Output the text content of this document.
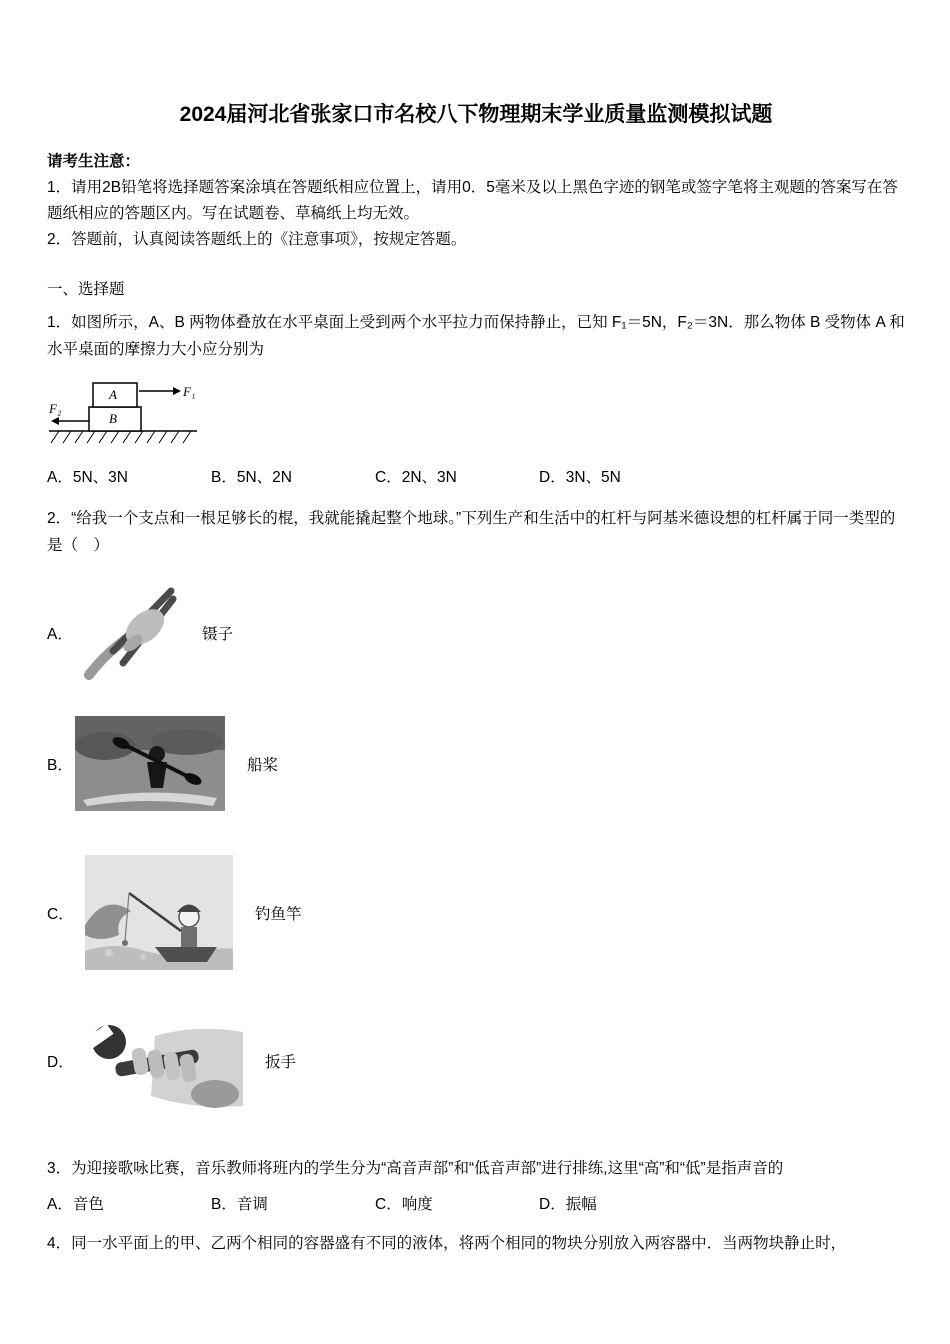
2024届河北省张家口市名校八下物理期末学业质量监测模拟试题
请考生注意：
1．请用2B铅笔将选择题答案涂填在答题纸相应位置上，请用0．5毫米及以上黑色字迹的钢笔或签字笔将主观题的答案写在答题纸相应的答题区内。写在试题卷、草稿纸上均无效。
2．答题前，认真阅读答题纸上的《注意事项》，按规定答题。
一、选择题

1．如图所示，A、B 两物体叠放在水平桌面上受到两个水平拉力而保持静止，已知 F₁＝5N，F₂＝3N．那么物体 B 受物体 A 和水平桌面的摩擦力大小应分别为

B
A	F₁
F₂
A．5N、3N	B．5N、2N	C．2N、3N	D．3N、5N

2．“给我一个支点和一根足够长的棍，我就能撬起整个地球。”下列生产和生活中的杠杆与阿基米德设想的杠杆属于同一类型的是（　）

A．	镊子
B．	船桨
C．	钓鱼竿
D．	扳手

3．为迎接歌咏比赛，音乐教师将班内的学生分为“高音声部”和“低音声部”进行排练,这里“高”和“低”是指声音的

A．音色	B．音调	C．响度	D．振幅

4．同一水平面上的甲、乙两个相同的容器盛有不同的液体，将两个相同的物块分别放入两容器中．当两物块静止时，
